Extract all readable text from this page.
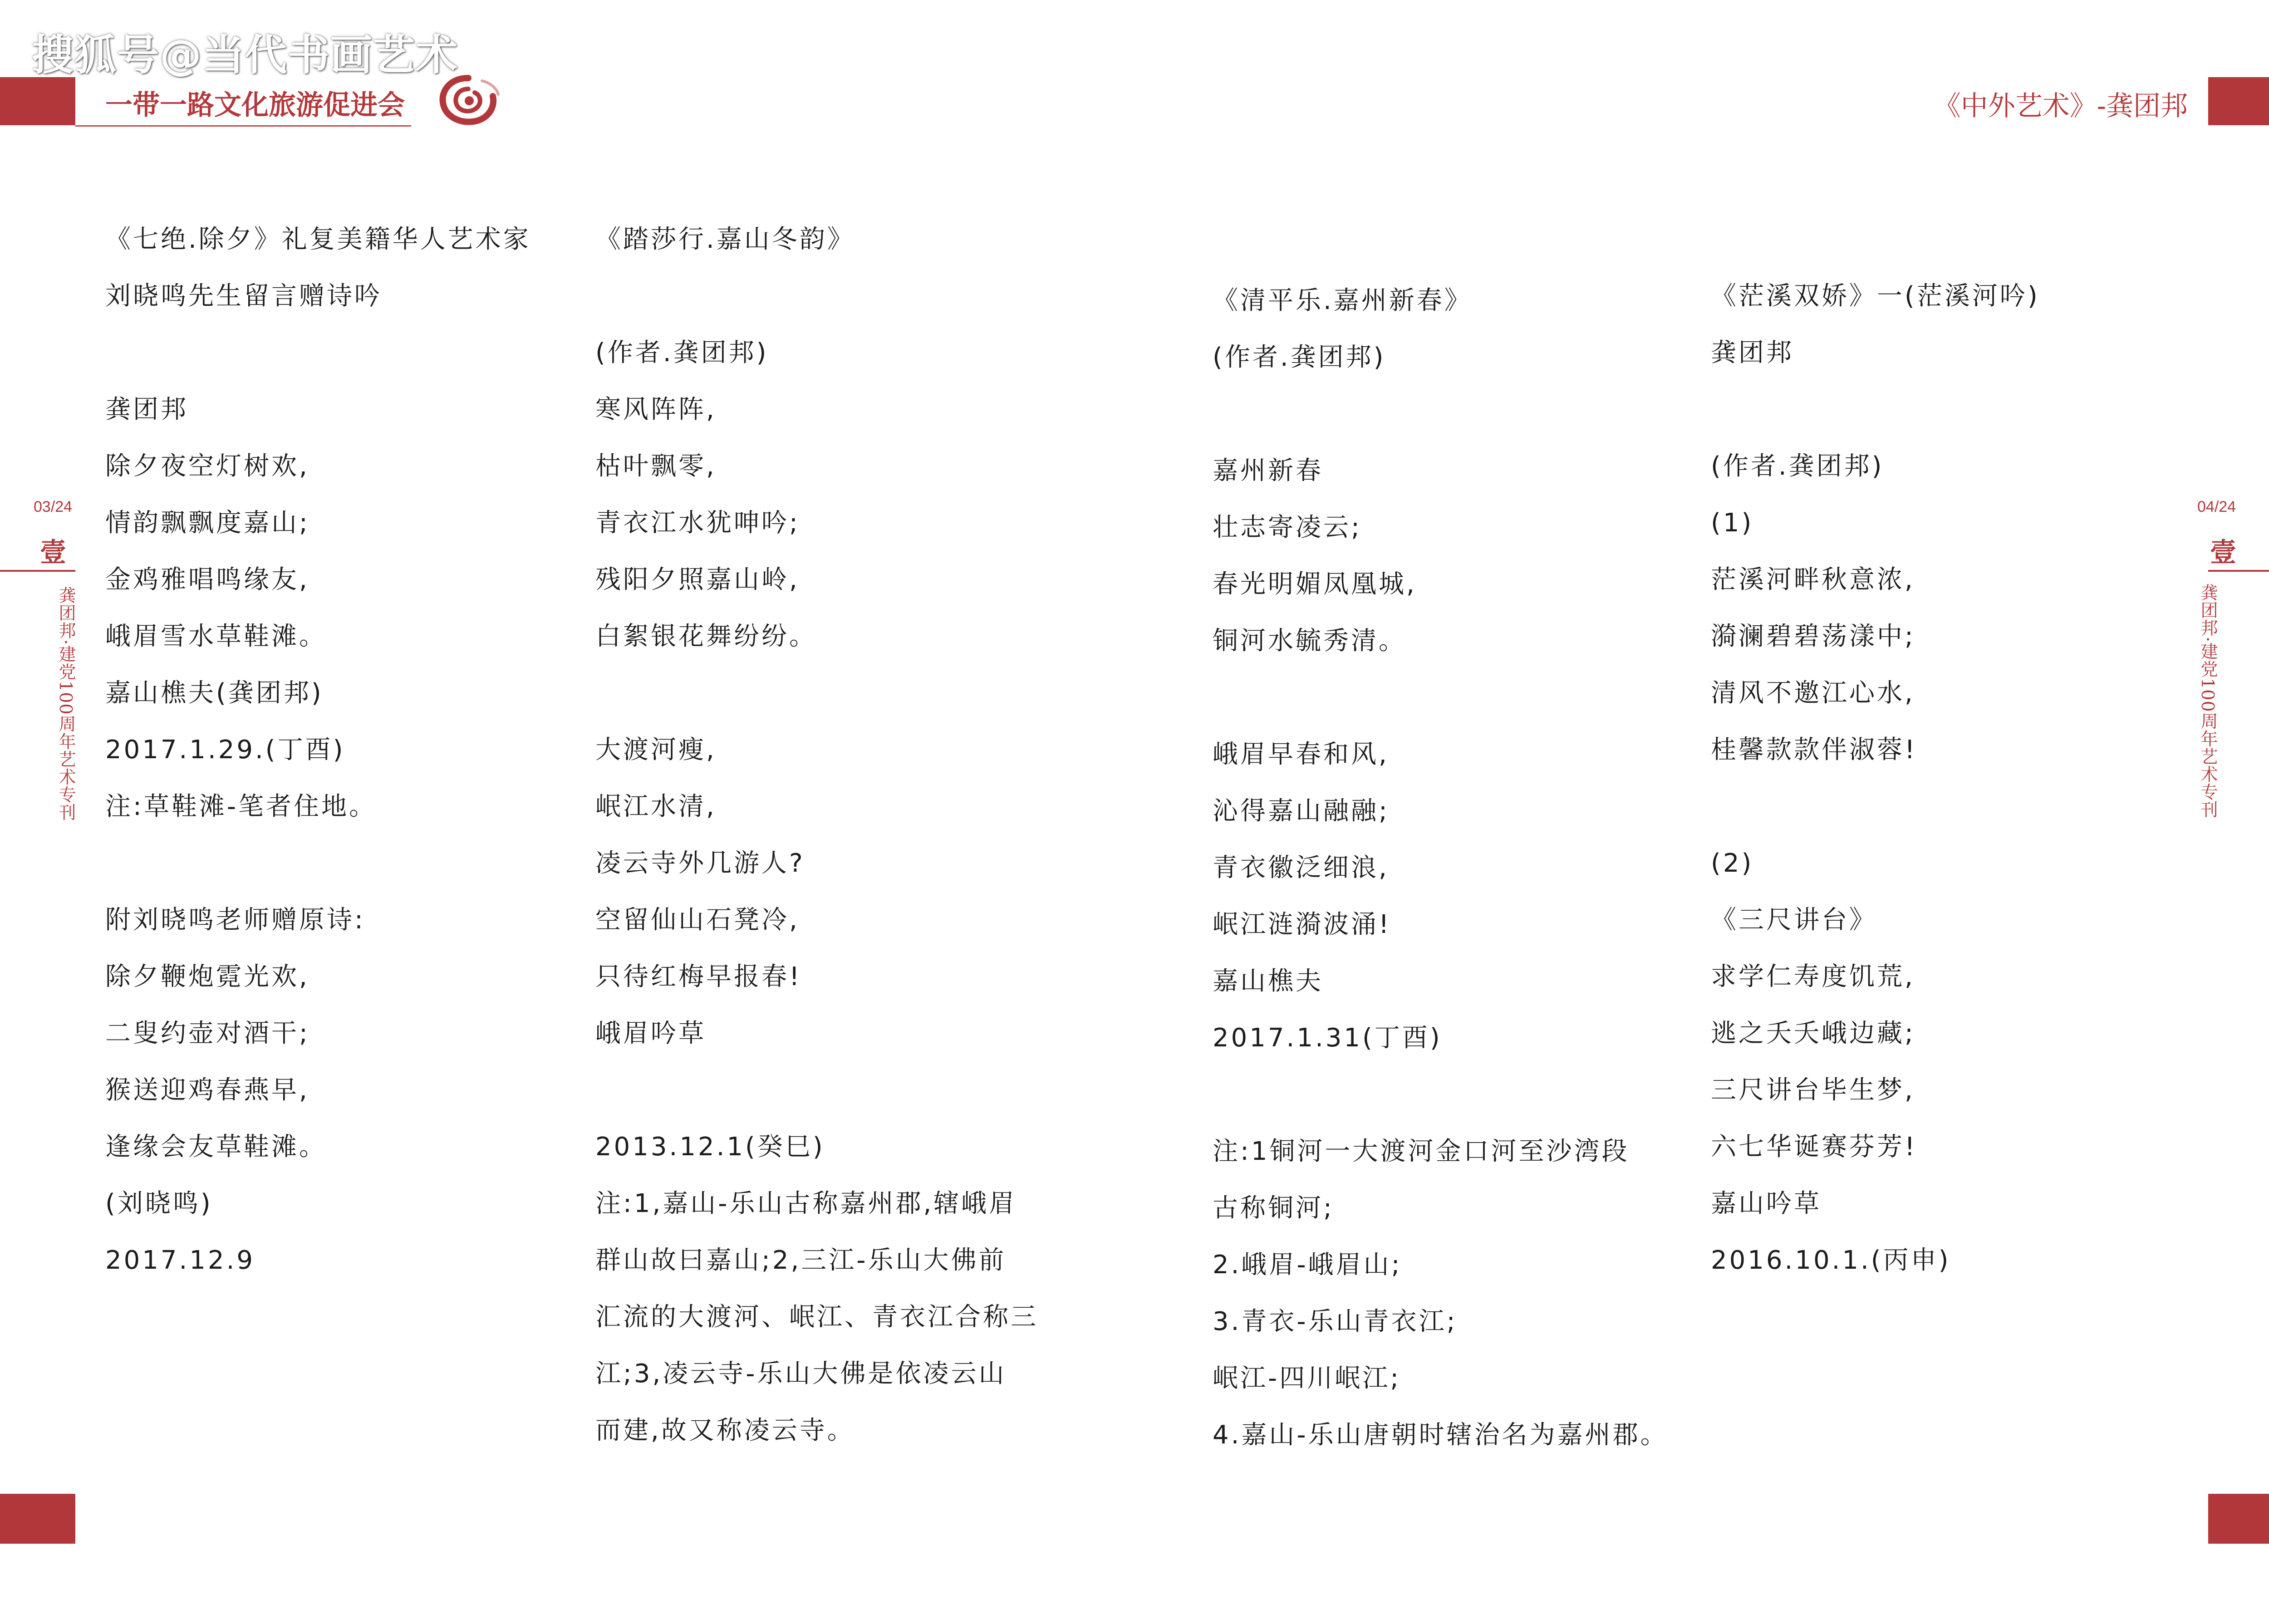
搜狐号@当代书画艺术
一带一路文化旅游促进会	《中外艺术》-龚团邦
03/24
壹
龚团邦·建党100周年艺术专刊
04/24
壹
龚团邦·建党100周年艺术专刊
《七绝.除夕》礼复美籍华人艺术家
刘晓鸣先生留言赠诗吟
龚团邦
除夕夜空灯树欢,
情韵飘飘度嘉山;
金鸡雅唱鸣缘友,
峨眉雪水草鞋滩。
嘉山樵夫(龚团邦)
2017.1.29.(丁酉)
注:草鞋滩-笔者住地。
附刘晓鸣老师赠原诗:
除夕鞭炮霓光欢,
二叟约壶对酒干;
猴送迎鸡春燕早,
逢缘会友草鞋滩。
(刘晓鸣)
2017.12.9
《踏莎行.嘉山冬韵》
(作者.龚团邦)
寒风阵阵,
枯叶飘零,
青衣江水犹呻吟;
残阳夕照嘉山岭,
白絮银花舞纷纷。
大渡河瘦,
岷江水清,
凌云寺外几游人?
空留仙山石凳冷,
只待红梅早报春!
峨眉吟草
2013.12.1(癸巳)
注:1,嘉山-乐山古称嘉州郡,辖峨眉
群山故曰嘉山;2,三江-乐山大佛前
汇流的大渡河、岷江、青衣江合称三
江;3,凌云寺-乐山大佛是依凌云山
而建,故又称凌云寺。
《清平乐.嘉州新春》
(作者.龚团邦)
嘉州新春
壮志寄凌云;
春光明媚凤凰城,
铜河水毓秀清。
峨眉早春和风,
沁得嘉山融融;
青衣徽泛细浪,
岷江涟漪波涌!
嘉山樵夫
2017.1.31(丁酉)
注:1铜河一大渡河金口河至沙湾段
古称铜河;
2.峨眉-峨眉山;
3.青衣-乐山青衣江;
岷江-四川岷江;
4.嘉山-乐山唐朝时辖治名为嘉州郡。
《茫溪双娇》一(茫溪河吟)
龚团邦
(作者.龚团邦)
(1)
茫溪河畔秋意浓,
漪澜碧碧荡漾中;
清风不邀江心水,
桂馨款款伴淑蓉!
(2)
《三尺讲台》
求学仁寿度饥荒,
逃之夭夭峨边藏;
三尺讲台毕生梦,
六七华诞赛芬芳!
嘉山吟草
2016.10.1.(丙申)
